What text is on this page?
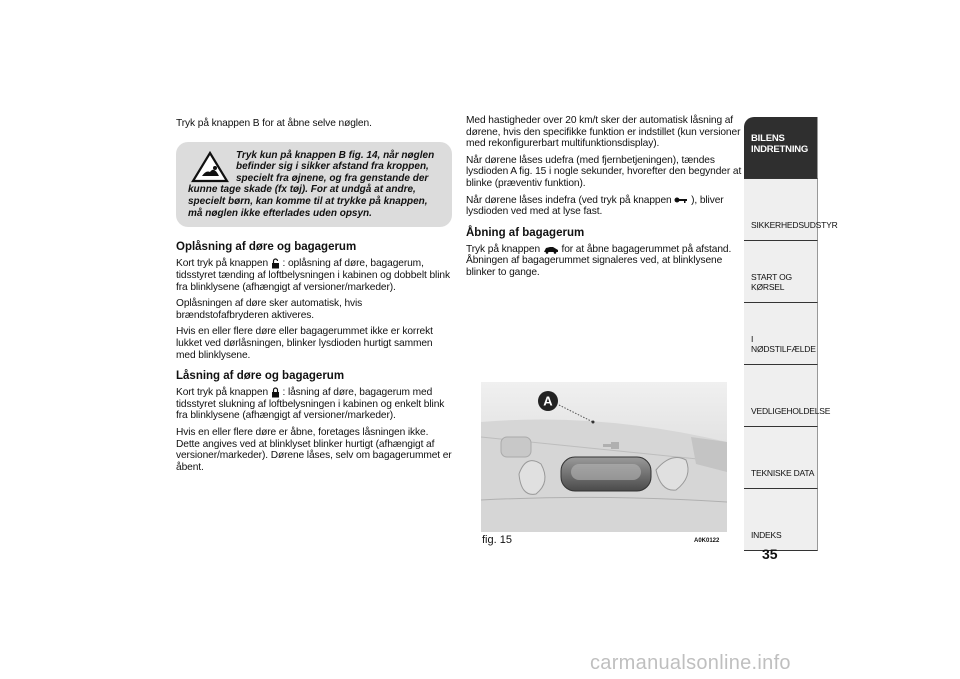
Tryk på knappen B for at åbne selve nøglen.

Tryk kun på knappen B fig. 14, når nøglen befinder sig i sikker afstand fra kroppen, specielt fra øjnene, og fra genstande der kunne tage skade (fx tøj). For at undgå at andre, specielt børn, kan komme til at trykke på knappen, må nøglen ikke efterlades uden opsyn.

Oplåsning af døre og bagagerum

Kort tryk på knappen : oplåsning af døre, bagagerum, tidsstyret tænding af loftbelysningen i kabinen og dobbelt blink fra blinklysene (afhængigt af versioner/markeder).

Oplåsningen af døre sker automatisk, hvis brændstofafbryderen aktiveres.

Hvis en eller flere døre eller bagagerummet ikke er korrekt lukket ved dørlåsningen, blinker lysdioden hurtigt sammen med blinklysene.

Låsning af døre og bagagerum

Kort tryk på knappen : låsning af døre, bagagerum med tidsstyret slukning af loftbelysningen i kabinen og enkelt blink fra blinklysene (afhængigt af versioner/markeder).

Hvis en eller flere døre er åbne, foretages låsningen ikke. Dette angives ved at blinklyset blinker hurtigt (afhængigt af versioner/markeder). Dørene låses, selv om bagagerummet er åbent.

Med hastigheder over 20 km/t sker der automatisk låsning af dørene, hvis den specifikke funktion er indstillet (kun versioner med rekonfigurerbart multifunktionsdisplay).

Når dørene låses udefra (med fjernbetjeningen), tændes lysdioden A fig. 15 i nogle sekunder, hvorefter den begynder at blinke (præventiv funktion).

Når dørene låses indefra (ved tryk på knappen ), bliver lysdioden ved med at lyse fast.

Åbning af bagagerum

Tryk på knappen for at åbne bagagerummet på afstand. Åbningen af bagagerummet signaleres ved, at blinklysene blinker to gange.

A
fig. 15	A0K0122
BILENS INDRETNING
SIKKERHEDSUDSTYR
START OG KØRSEL
I NØDSTILFÆLDE
VEDLIGEHOLDELSE
TEKNISKE DATA
INDEKS
35
carmanualsonline.info
